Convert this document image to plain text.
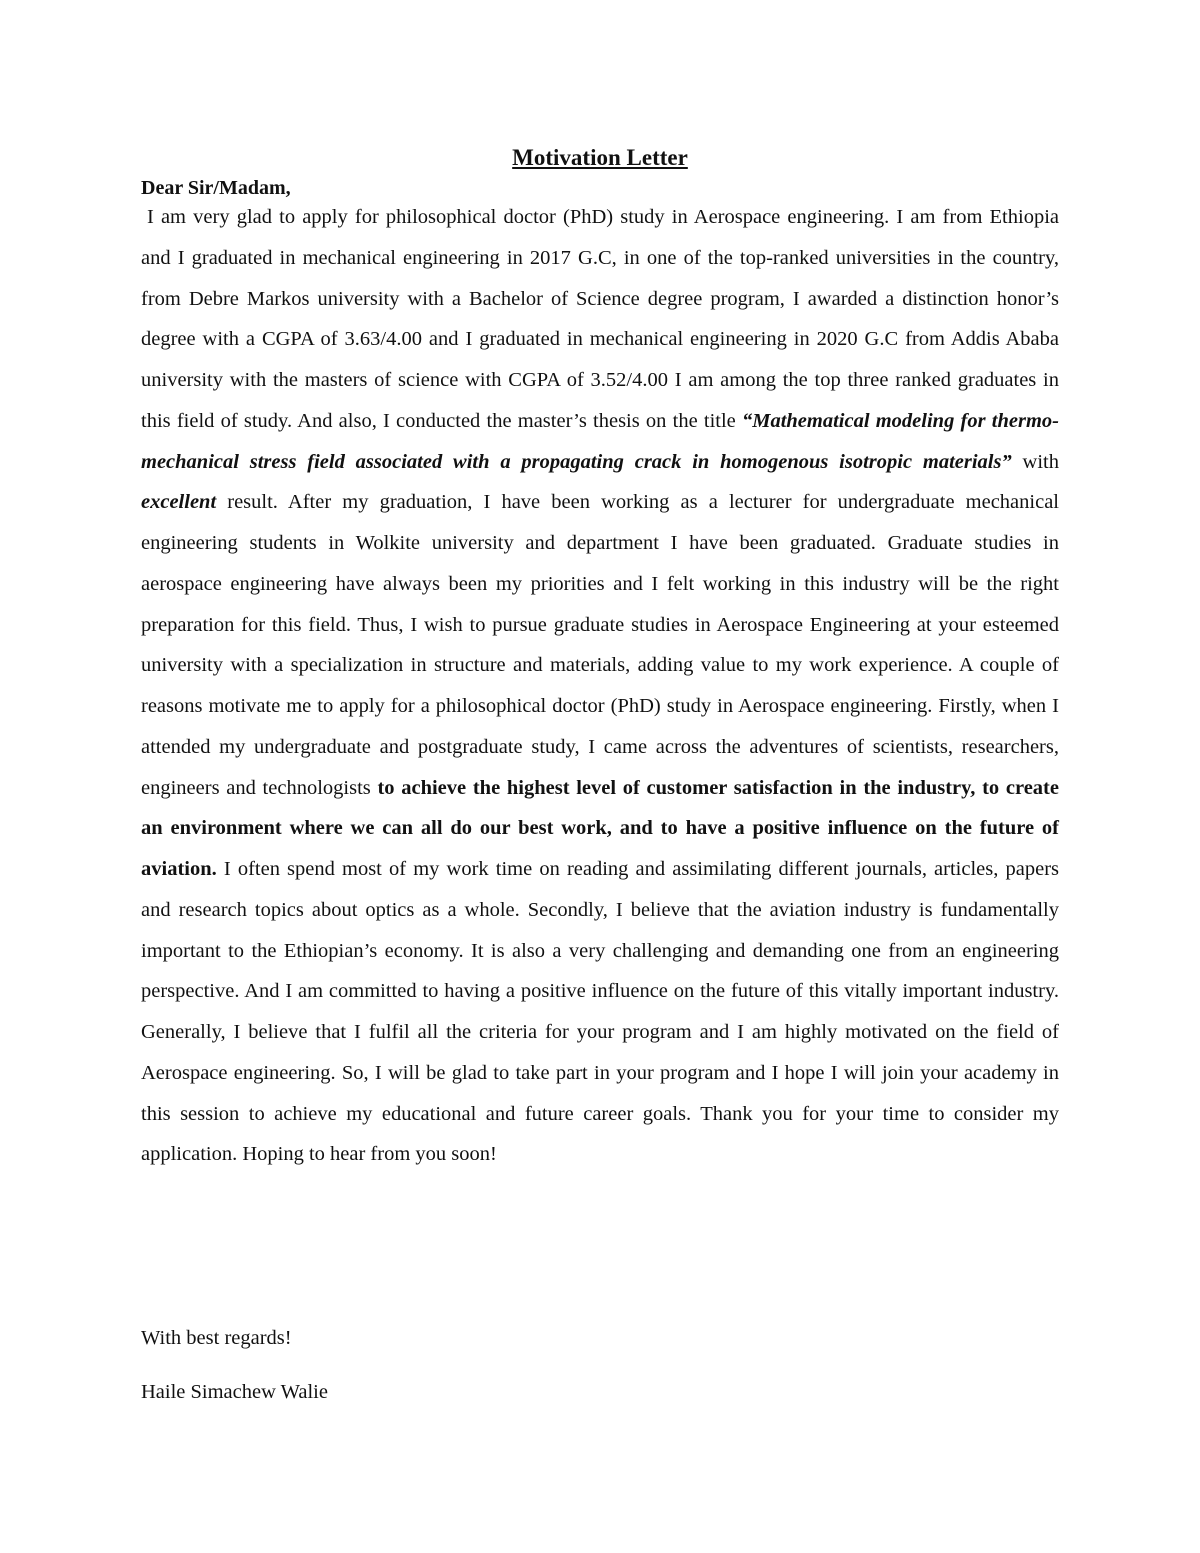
Motivation Letter
Dear Sir/Madam,

I am very glad to apply for philosophical doctor (PhD) study in Aerospace engineering. I am from Ethiopia and I graduated in mechanical engineering in 2017 G.C, in one of the top-ranked universities in the country, from Debre Markos university with a Bachelor of Science degree program, I awarded a distinction honor’s degree with a CGPA of 3.63/4.00 and I graduated in mechanical engineering in 2020 G.C from Addis Ababa university with the masters of science with CGPA of 3.52/4.00 I am among the top three ranked graduates in this field of study. And also, I conducted the master’s thesis on the title “Mathematical modeling for thermo-mechanical stress field associated with a propagating crack in homogenous isotropic materials” with excellent result. After my graduation, I have been working as a lecturer for undergraduate mechanical engineering students in Wolkite university and department I have been graduated. Graduate studies in aerospace engineering have always been my priorities and I felt working in this industry will be the right preparation for this field. Thus, I wish to pursue graduate studies in Aerospace Engineering at your esteemed university with a specialization in structure and materials, adding value to my work experience. A couple of reasons motivate me to apply for a philosophical doctor (PhD) study in Aerospace engineering. Firstly, when I attended my undergraduate and postgraduate study, I came across the adventures of scientists, researchers, engineers and technologists to achieve the highest level of customer satisfaction in the industry, to create an environment where we can all do our best work, and to have a positive influence on the future of aviation. I often spend most of my work time on reading and assimilating different journals, articles, papers and research topics about optics as a whole. Secondly, I believe that the aviation industry is fundamentally important to the Ethiopian’s economy. It is also a very challenging and demanding one from an engineering perspective. And I am committed to having a positive influence on the future of this vitally important industry. Generally, I believe that I fulfil all the criteria for your program and I am highly motivated on the field of Aerospace engineering. So, I will be glad to take part in your program and I hope I will join your academy in this session to achieve my educational and future career goals. Thank you for your time to consider my application. Hoping to hear from you soon!

With best regards!
Haile Simachew Walie
